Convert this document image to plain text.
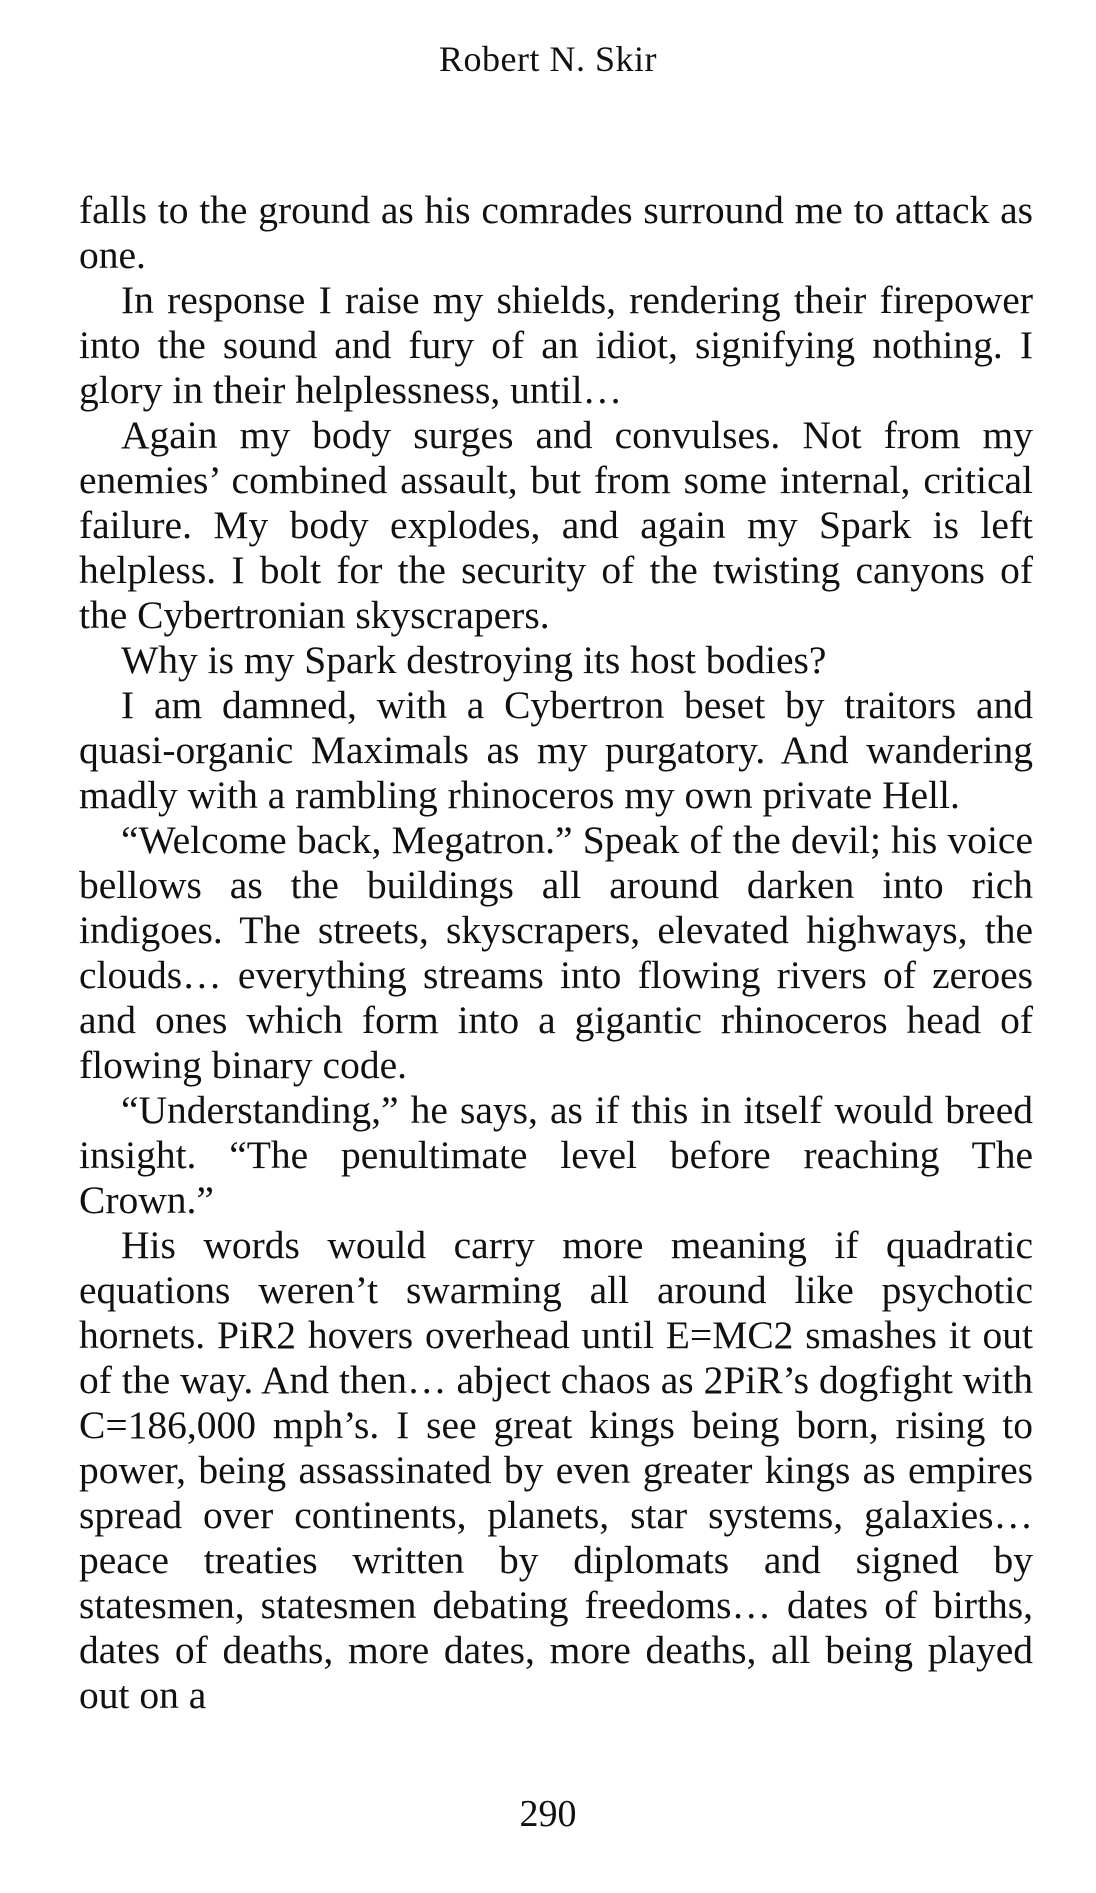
Robert N. Skir

falls to the ground as his comrades surround me to attack as one.

In response I raise my shields, rendering their firepower into the sound and fury of an idiot, signifying nothing. I glory in their helplessness, until…

Again my body surges and convulses. Not from my enemies’ combined assault, but from some internal, critical failure. My body explodes, and again my Spark is left helpless. I bolt for the security of the twisting canyons of the Cybertronian skyscrapers.

Why is my Spark destroying its host bodies?

I am damned, with a Cybertron beset by traitors and quasi-organic Maximals as my purgatory. And wandering madly with a rambling rhinoceros my own private Hell.

“Welcome back, Megatron.” Speak of the devil; his voice bellows as the buildings all around darken into rich indigoes. The streets, skyscrapers, elevated highways, the clouds… everything streams into flowing rivers of zeroes and ones which form into a gigantic rhinoceros head of flowing binary code.

“Understanding,” he says, as if this in itself would breed insight. “The penultimate level before reaching The Crown.”

His words would carry more meaning if quadratic equations weren’t swarming all around like psychotic hornets. PiR2 hovers overhead until E=MC2 smashes it out of the way. And then… abject chaos as 2PiR’s dogfight with C=186,000 mph’s. I see great kings being born, rising to power, being assassinated by even greater kings as empires spread over continents, planets, star systems, galaxies… peace treaties written by diplomats and signed by statesmen, statesmen debating freedoms… dates of births, dates of deaths, more dates, more deaths, all being played out on a

290
